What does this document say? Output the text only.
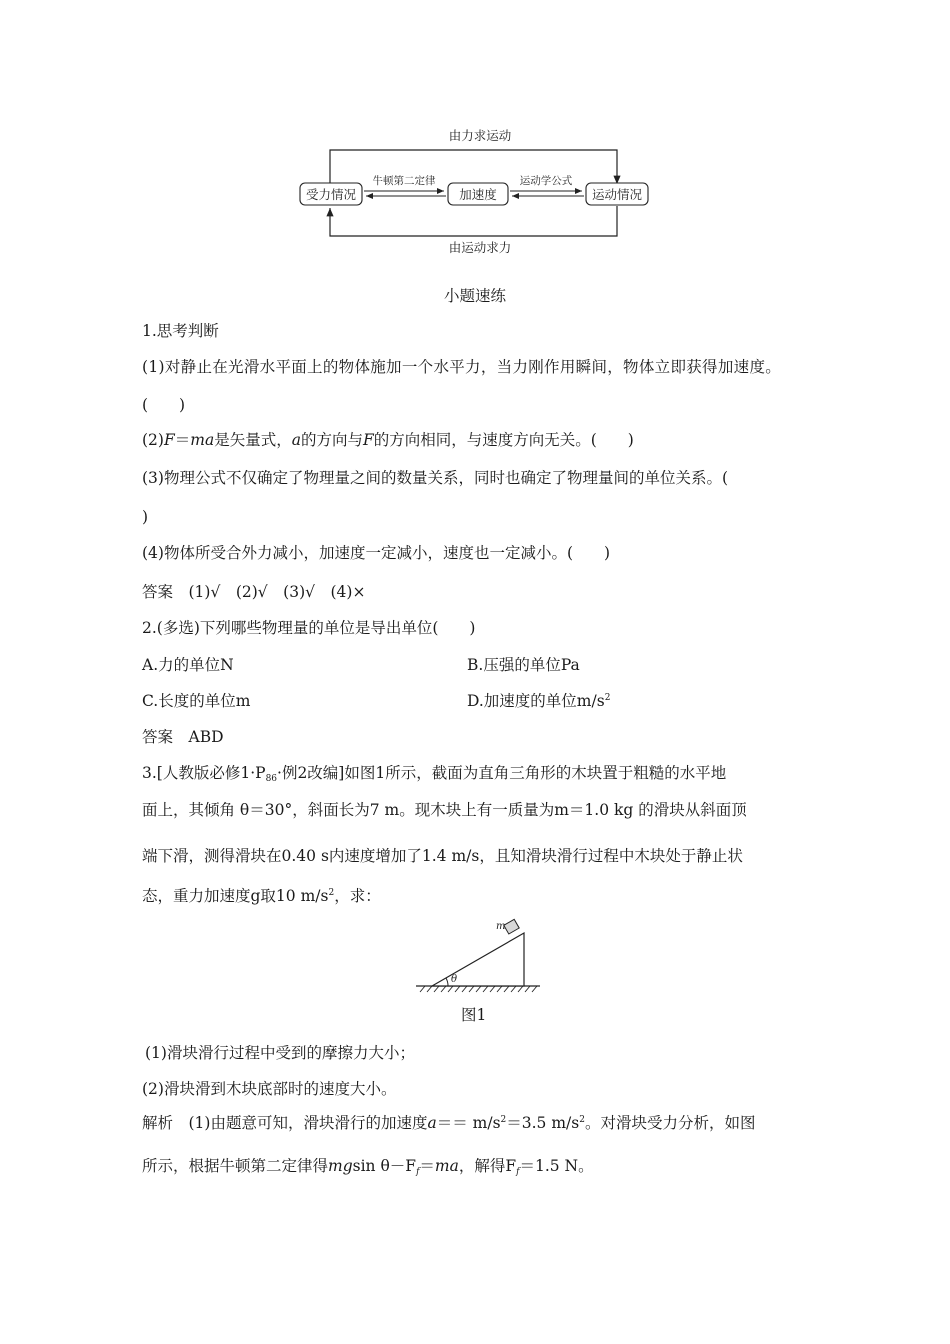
由力求运动
由运动求力
受力情况	加速度	运动情况
牛顿第二定律	运动学公式
小题速练
1.思考判断
(1)对静止在光滑水平面上的物体施加一个水平力，当力刚作用瞬间，物体立即获得加速度。
(　　)
(2)F＝ma是矢量式，a的方向与F的方向相同，与速度方向无关。(　　)
(3)物理公式不仅确定了物理量之间的数量关系，同时也确定了物理量间的单位关系。(
)
(4)物体所受合外力减小，加速度一定减小，速度也一定减小。(　　)
答案　(1)√　(2)√　(3)√　(4)×
2.(多选)下列哪些物理量的单位是导出单位(　　)
A.力的单位N	B.压强的单位Pa
C.长度的单位m	D.加速度的单位$m/s^2$
答案　ABD
3.[人教版必修$1\cdot P_{86}\cdot$例2改编]如图1所示，截面为直角三角形的木块置于粗糙的水平地
面上，其倾角 θ＝30°，斜面长为7 m。现木块上有一质量为m＝1.0 kg 的滑块从斜面顶
端下滑，测得滑块在0.40 s内速度增加了1.4 m/s，且知滑块滑行过程中木块处于静止状
态，重力加速度g取10 $m/s^2$，求：
θ
m
图1
(1)滑块滑行过程中受到的摩擦力大小；
(2)滑块滑到木块底部时的速度大小。
解析　(1)由题意可知，滑块滑行的加速度$a== m/s^2=3.5$ $m/s^2$。对滑块受力分析，如图
所示，根据牛顿第二定律得mgsin $\theta-F_f=ma$，解得$F_f=1.5$ N。
